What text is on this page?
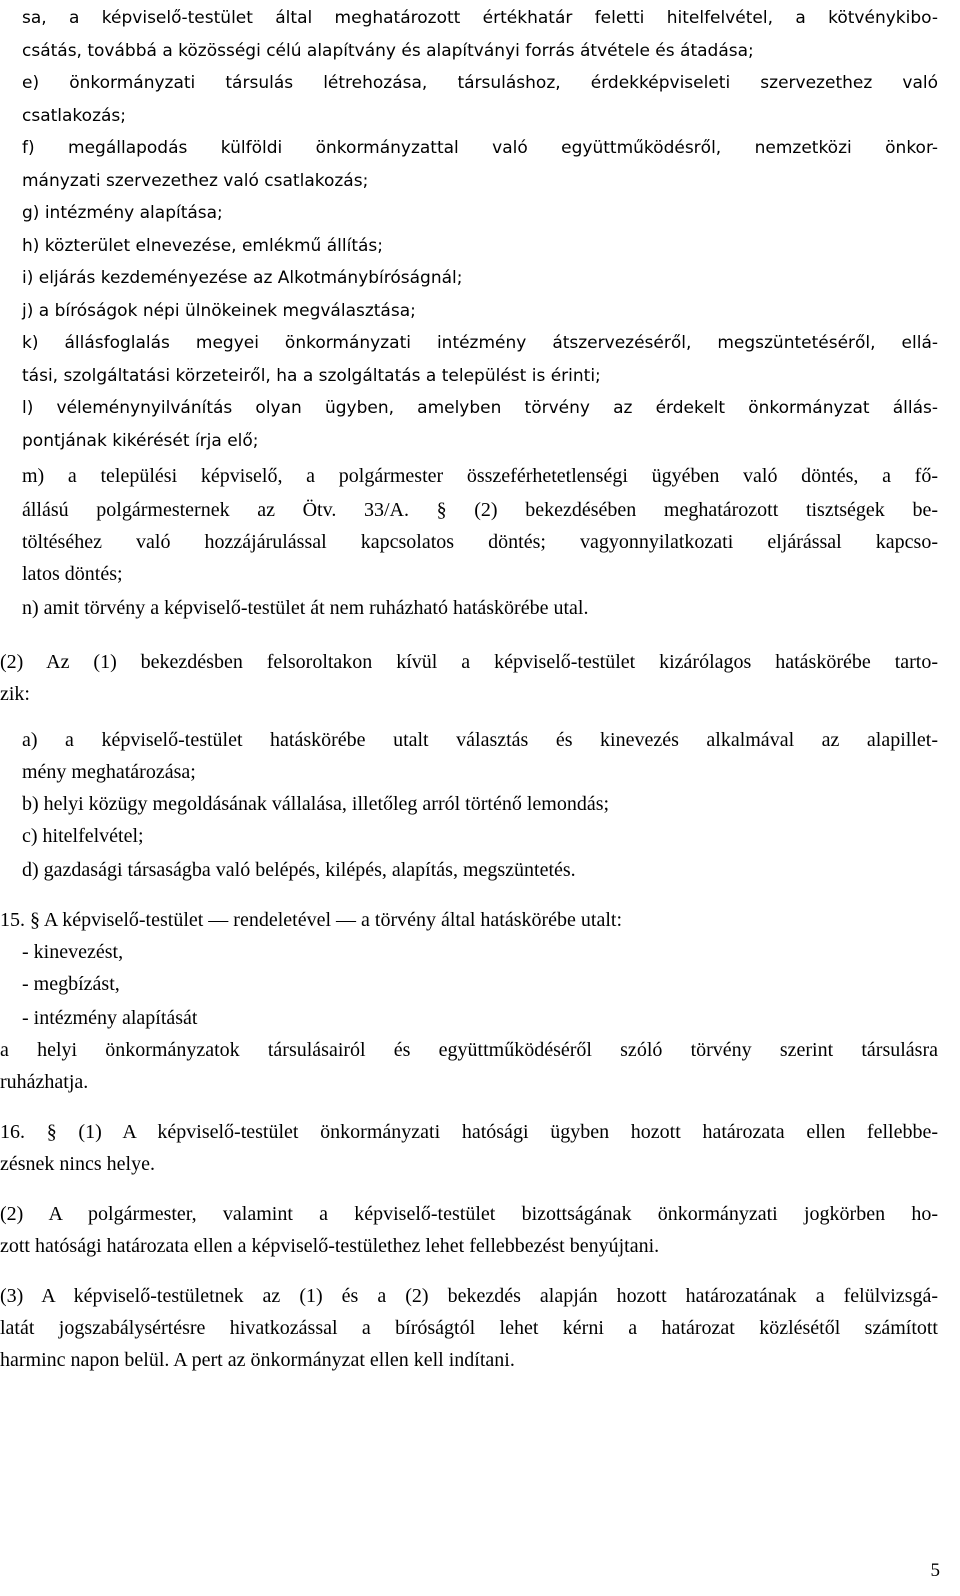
sa, a képviselő-testület által meghatározott értékhatár feletti hitelfelvétel, a kötvénykibo-
csátás, továbbá a közösségi célú alapítvány és alapítványi forrás átvétele és átadása;
e) önkormányzati társulás létrehozása, társuláshoz, érdekképviseleti szervezethez való
csatlakozás;
f) megállapodás külföldi önkormányzattal való együttműködésről, nemzetközi önkor-
mányzati szervezethez való csatlakozás;
g) intézmény alapítása;
h) közterület elnevezése, emlékmű állítás;
i) eljárás kezdeményezése az Alkotmánybíróságnál;
j) a bíróságok népi ülnökeinek megválasztása;
k) állásfoglalás megyei önkormányzati intézmény átszervezéséről, megszüntetéséről, ellá-
tási, szolgáltatási körzeteiről, ha a szolgáltatás a települést is érinti;
l) véleménynyilvánítás olyan ügyben, amelyben törvény az érdekelt önkormányzat állás-
pontjának kikérését írja elő;
m) a települési képviselő, a polgármester összeférhetetlenségi ügyében való döntés, a fő-
állású polgármesternek az Ötv. 33/A. § (2) bekezdésében meghatározott tisztségek be-
töltéséhez való hozzájárulással kapcsolatos döntés; vagyonnyilatkozati eljárással kapcso-
latos döntés;
n) amit törvény a képviselő-testület át nem ruházható hatáskörébe utal.
(2) Az (1) bekezdésben felsoroltakon kívül a képviselő-testület kizárólagos hatáskörébe tarto-
zik:
a) a képviselő-testület hatáskörébe utalt választás és kinevezés alkalmával az alapillet-
mény meghatározása;
b) helyi közügy megoldásának vállalása, illetőleg arról történő lemondás;
c) hitelfelvétel;
d) gazdasági társaságba való belépés, kilépés, alapítás, megszüntetés.
15. § A képviselő-testület — rendeletével — a törvény által hatáskörébe utalt:
- kinevezést,
- megbízást,
- intézmény alapítását
a helyi önkormányzatok társulásairól és együttműködéséről szóló törvény szerint társulásra
ruházhatja.
16. § (1) A képviselő-testület önkormányzati hatósági ügyben hozott határozata ellen fellebbe-
zésnek nincs helye.
(2) A polgármester, valamint a képviselő-testület bizottságának önkormányzati jogkörben ho-
zott hatósági határozata ellen a képviselő-testülethez lehet fellebbezést benyújtani.
(3) A képviselő-testületnek az (1) és a (2) bekezdés alapján hozott határozatának a felülvizsgá-
latát jogszabálysértésre hivatkozással a bíróságtól lehet kérni a határozat közlésétől számított
harminc napon belül. A pert az önkormányzat ellen kell indítani.
5
